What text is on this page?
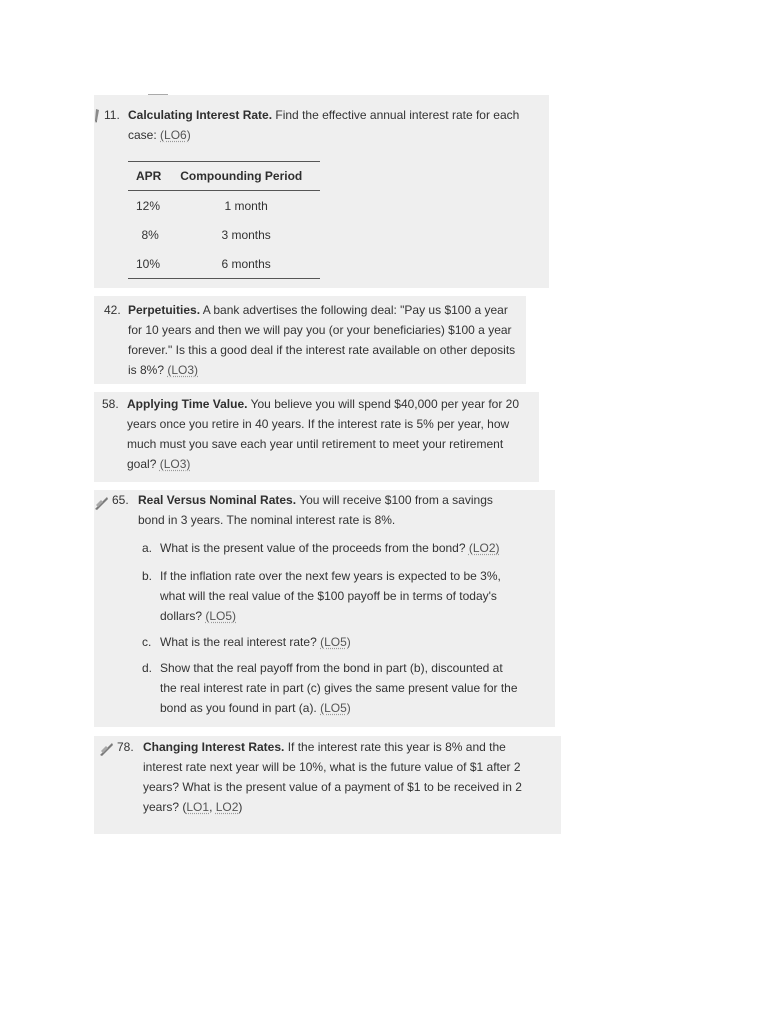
11. Calculating Interest Rate. Find the effective annual interest rate for each case: (LO6)
APR	Compounding Period
12%	1 month
8%	3 months
10%	6 months
42. Perpetuities. A bank advertises the following deal: "Pay us $100 a year for 10 years and then we will pay you (or your beneficiaries) $100 a year forever." Is this a good deal if the interest rate available on other deposits is 8%? (LO3)
58. Applying Time Value. You believe you will spend $40,000 per year for 20 years once you retire in 40 years. If the interest rate is 5% per year, how much must you save each year until retirement to meet your retirement goal? (LO3)
65. Real Versus Nominal Rates. You will receive $100 from a savings bond in 3 years. The nominal interest rate is 8%.
a. What is the present value of the proceeds from the bond? (LO2)
b. If the inflation rate over the next few years is expected to be 3%, what will the real value of the $100 payoff be in terms of today's dollars? (LO5)
c. What is the real interest rate? (LO5)
d. Show that the real payoff from the bond in part (b), discounted at the real interest rate in part (c) gives the same present value for the bond as you found in part (a). (LO5)
78. Changing Interest Rates. If the interest rate this year is 8% and the interest rate next year will be 10%, what is the future value of $1 after 2 years? What is the present value of a payment of $1 to be received in 2 years? (LO1, LO2)
